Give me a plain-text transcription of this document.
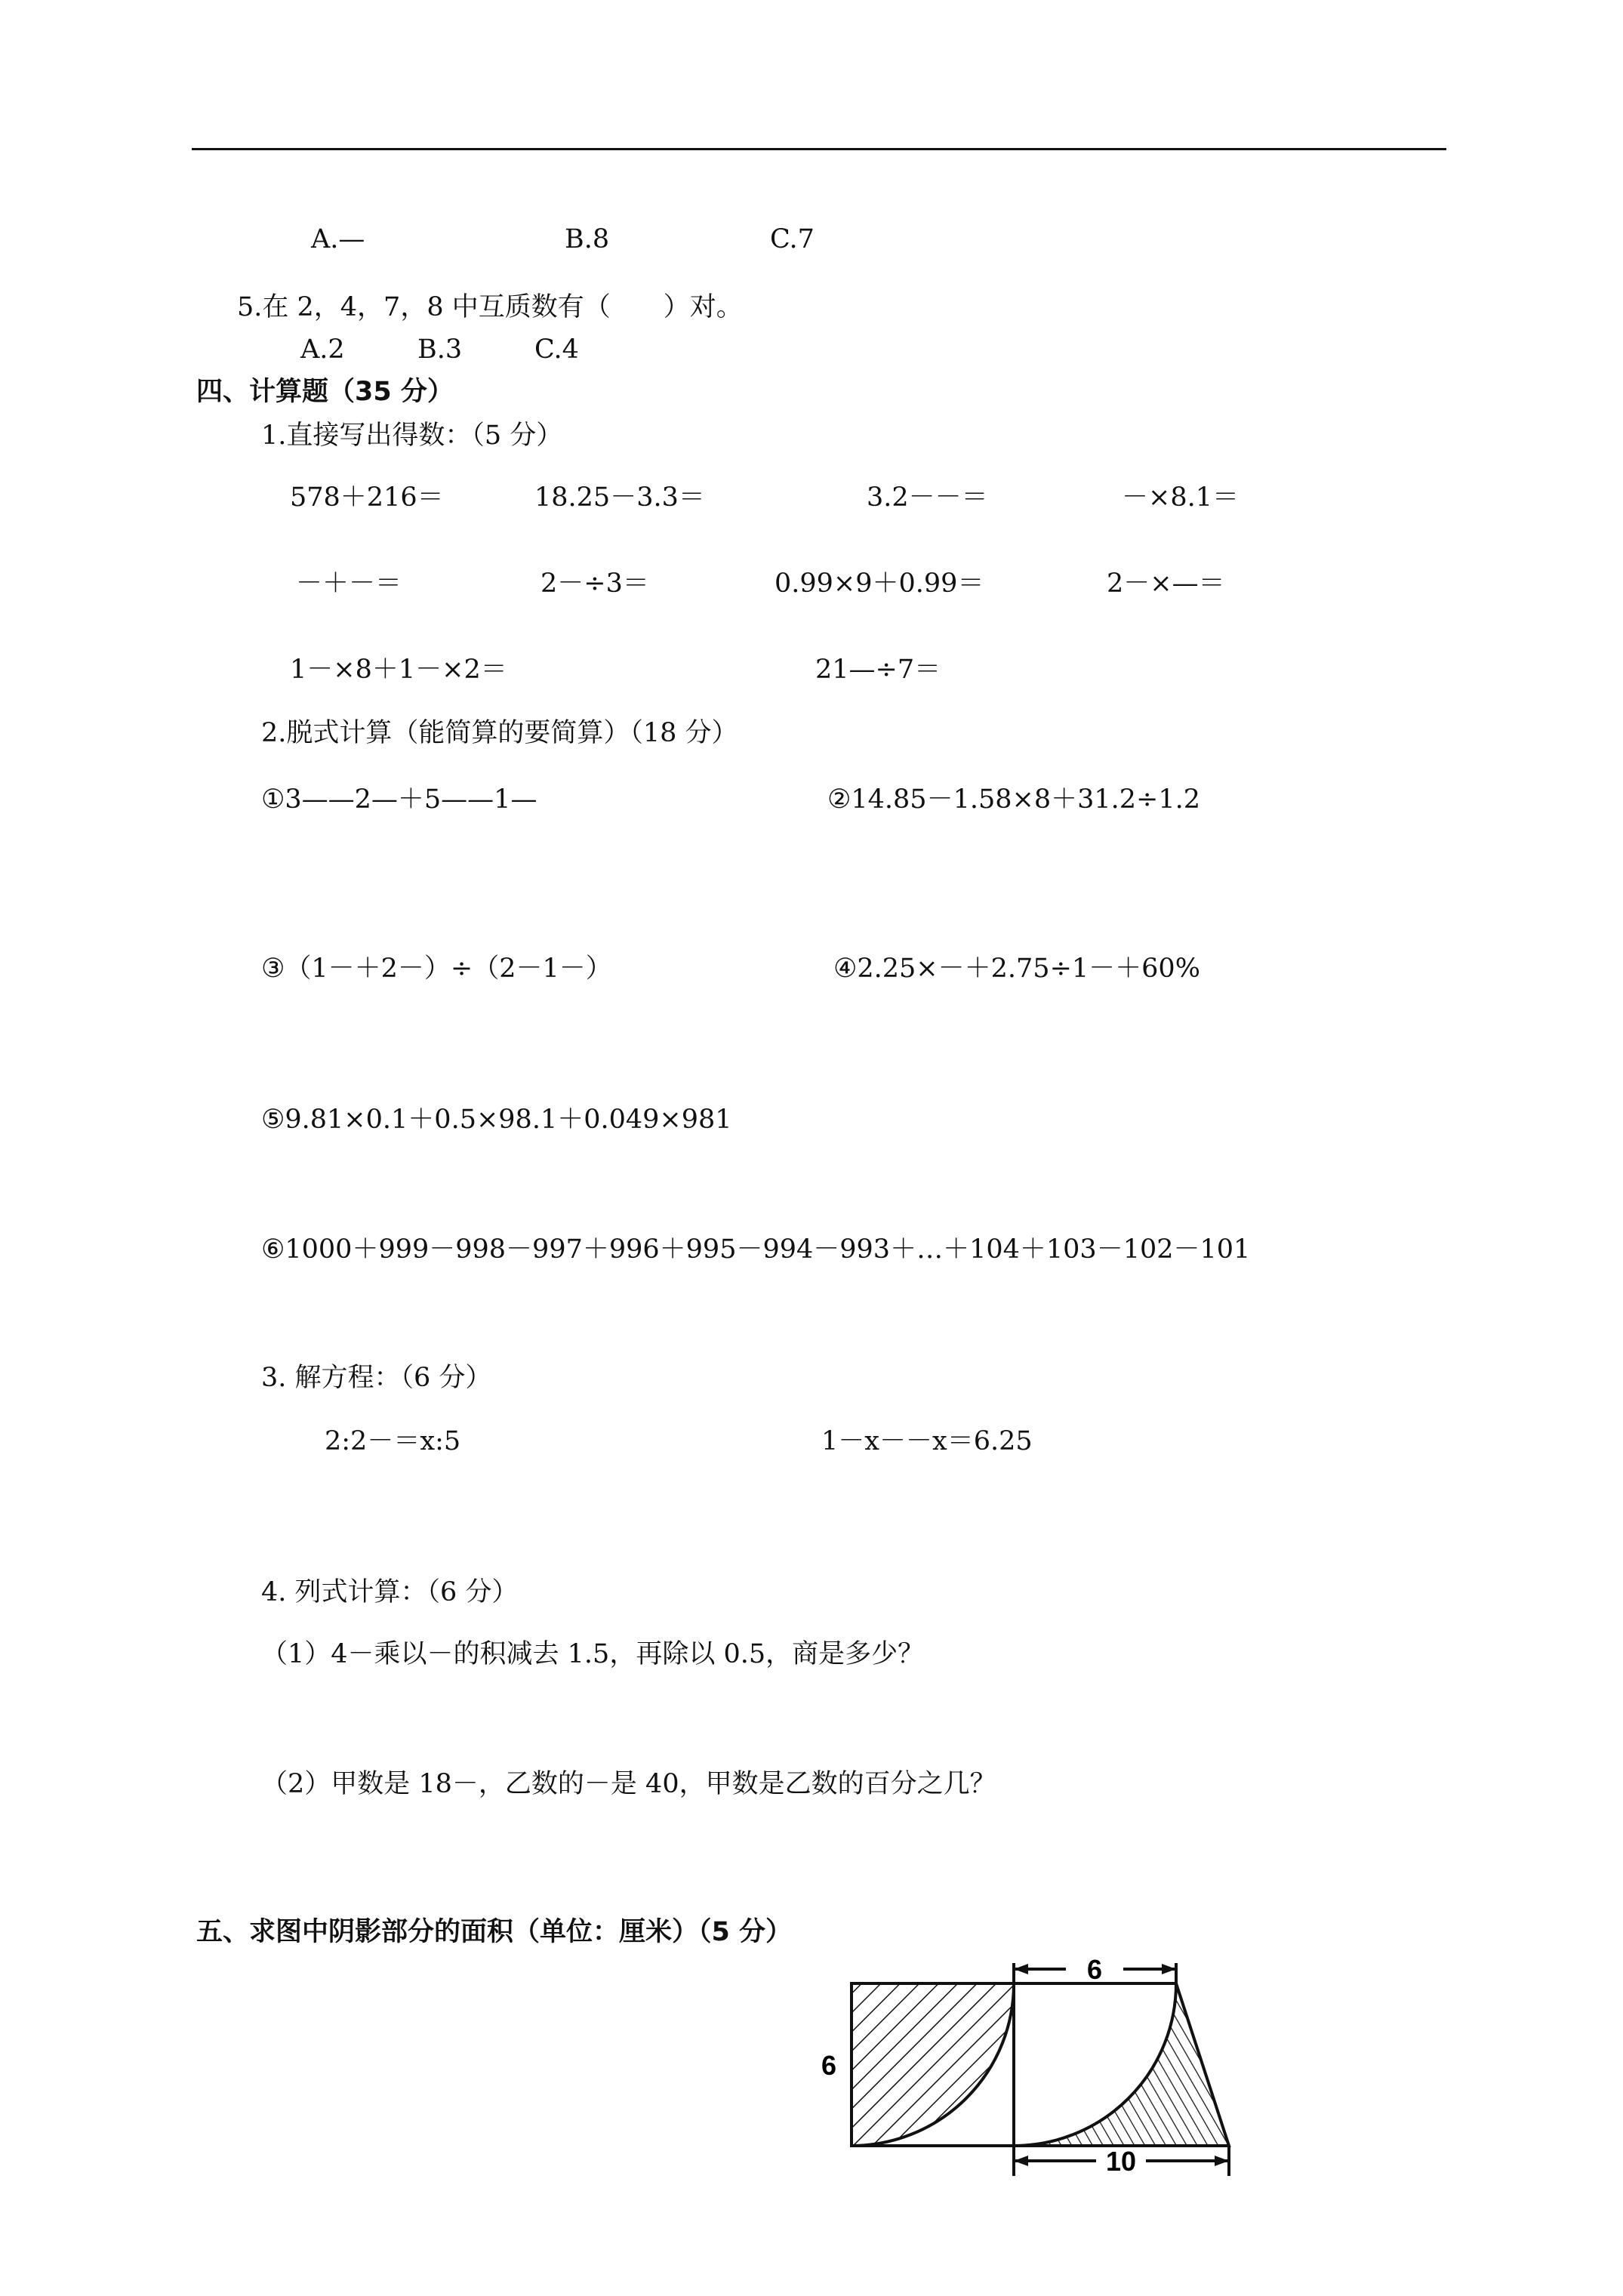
A.—	B.8	C.7
5.在 2，4，7，8 中互质数有（　　）对。
A.2	B.3	C.4
四、计算题（35 分）
1.直接写出得数：（5 分）
578＋216＝	18.25－3.3＝	3.2－－＝	－×8.1＝
－＋－＝	2－÷3＝	0.99×9＋0.99＝	2－×—＝
1－×8＋1－×2＝	21—÷7＝
2.脱式计算（能简算的要简算）（18 分）
①3——2—＋5——1—	②14.85－1.58×8＋31.2÷1.2
③（1－＋2－）÷（2－1－）	④2.25×－＋2.75÷1－＋60%
⑤9.81×0.1＋0.5×98.1＋0.049×981
⑥1000＋999－998－997＋996＋995－994－993＋…＋104＋103－102－101
3. 解方程：（6 分）
2:2－＝x:5	1－x－－x＝6.25
4. 列式计算：（6 分）
（1）4－乘以－的积减去 1.5，再除以 0.5，商是多少？
（2）甲数是 18－，乙数的－是 40，甲数是乙数的百分之几？
五、求图中阴影部分的面积（单位：厘米）（5 分）
6
6
10
